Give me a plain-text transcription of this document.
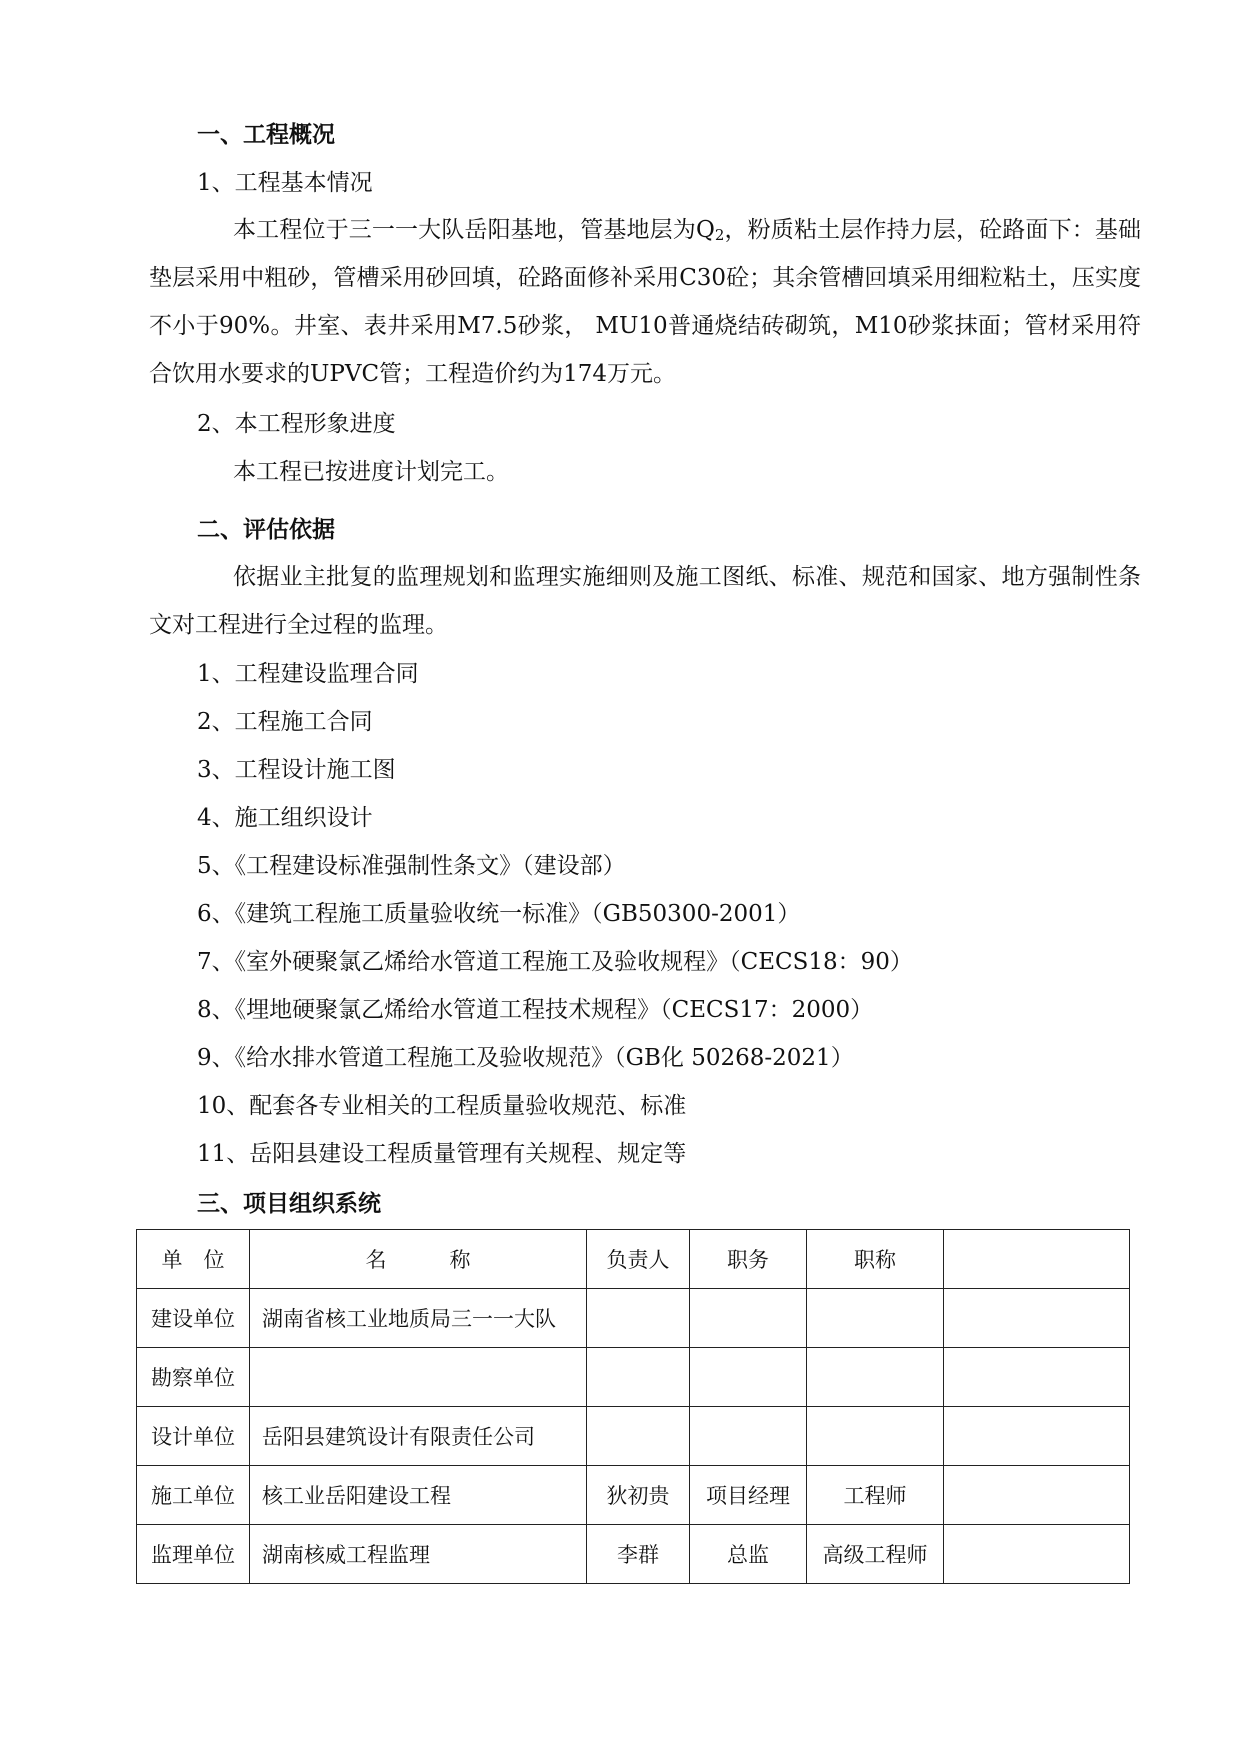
一、工程概况
1、工程基本情况
本工程位于三一一大队岳阳基地，管基地层为$Q_2$，粉质粘土层作持力层，砼路面下：基础垫层采用中粗砂，管槽采用砂回填，砼路面修补采用C30砼；其余管槽回填采用细粒粘土，压实度不小于90%。井室、表井采用M7.5砂浆， MU10普通烧结砖砌筑，M10砂浆抹面；管材采用符合饮用水要求的UPVC管；工程造价约为174万元。
2、本工程形象进度
本工程已按进度计划完工。
二、评估依据
依据业主批复的监理规划和监理实施细则及施工图纸、标准、规范和国家、地方强制性条文对工程进行全过程的监理。
1、工程建设监理合同
2、工程施工合同
3、工程设计施工图
4、施工组织设计
5、《工程建设标准强制性条文》（建设部）
6、《建筑工程施工质量验收统一标准》（GB50300-2001）
7、《室外硬聚氯乙烯给水管道工程施工及验收规程》（CECS18：90）
8、《埋地硬聚氯乙烯给水管道工程技术规程》（CECS17：2000）
9、《给水排水管道工程施工及验收规范》（GB化 50268-2021）
10、配套各专业相关的工程质量验收规范、标准
11、岳阳县建设工程质量管理有关规程、规定等
三、项目组织系统
单　位	名　　　称	负责人	职务	职称	
建设单位	湖南省核工业地质局三一一大队				
勘察单位					
设计单位	岳阳县建筑设计有限责任公司				
施工单位	核工业岳阳建设工程	狄初贵	项目经理	工程师	
监理单位	湖南核威工程监理	李群	总监	高级工程师	
